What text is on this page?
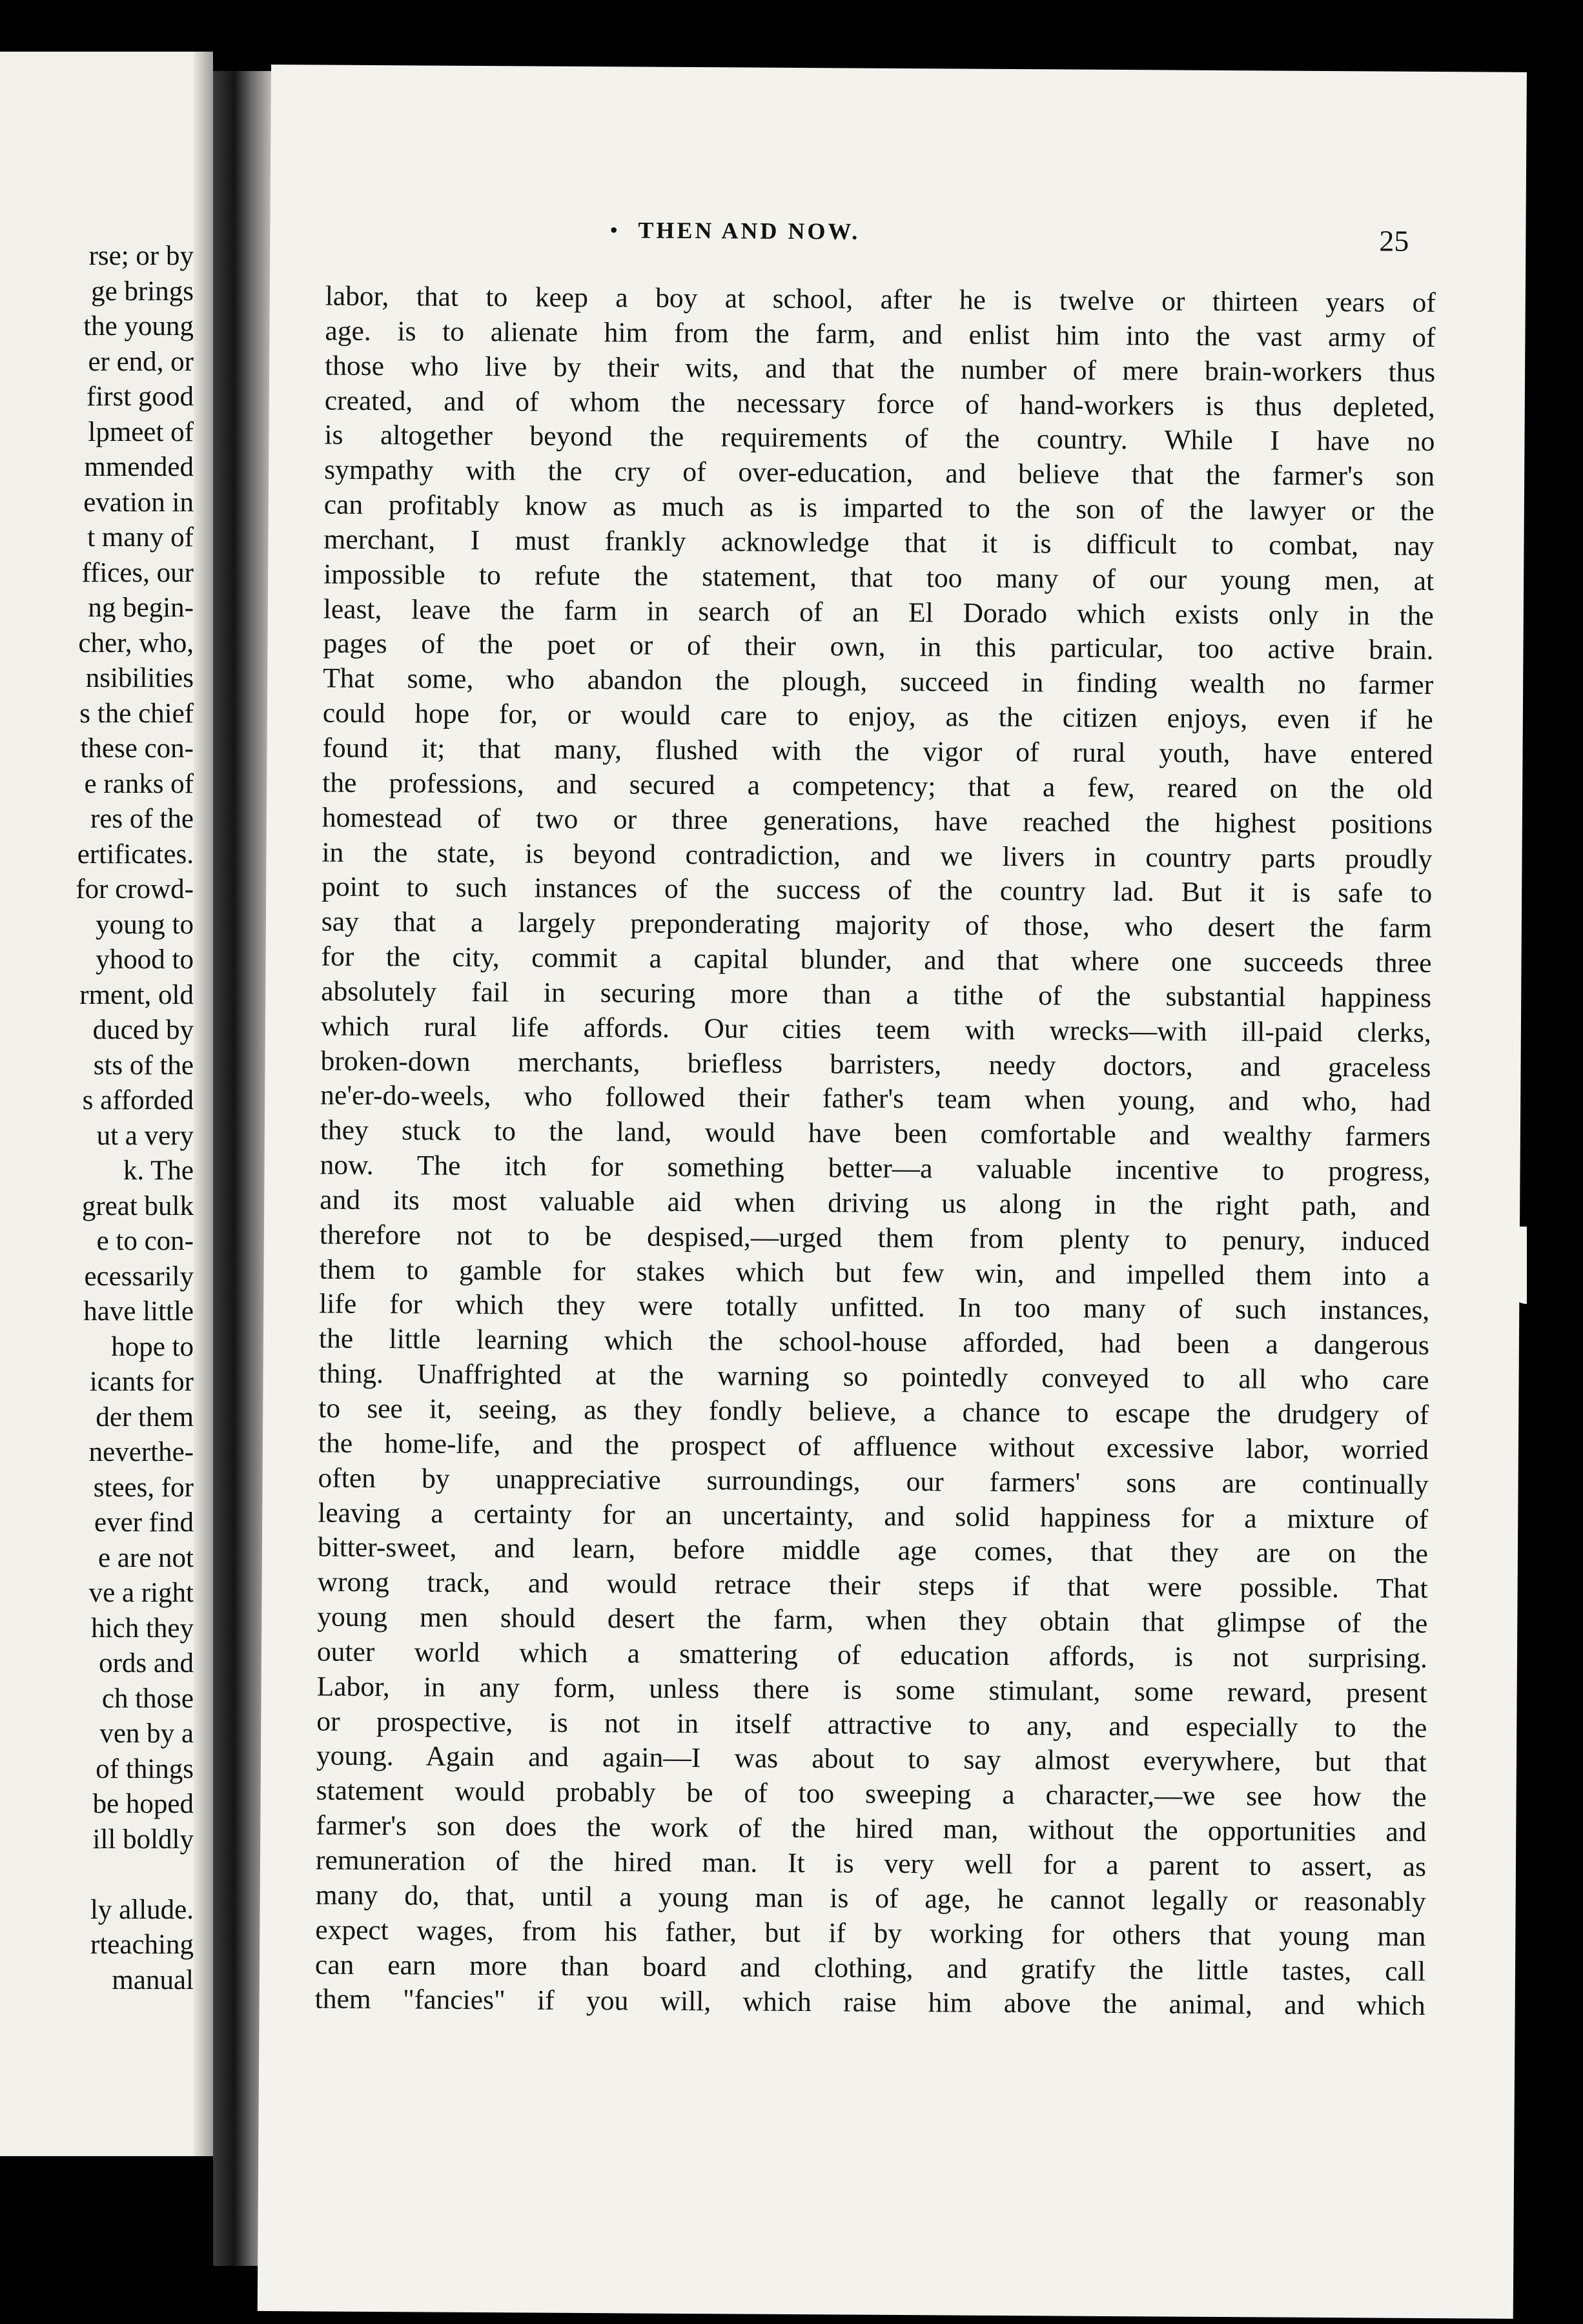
rse; or by
ge brings
the young
er end, or
first good
lpmeet of
mmended
evation in
t many of
ffices, our
ng begin-
cher, who,
nsibilities
s the chief
these con-
e ranks of
res of the
ertificates.
for crowd-
young to
yhood to
rment, old
duced by
sts of the
s afforded
ut a very
k. The
great bulk
e to con-
ecessarily
have little
hope to
icants for
der them
neverthe-
stees, for
ever find
e are not
ve a right
hich they
ords and
ch those
ven by a
of things
be hoped
ill boldly
ly allude.
rteaching
manual
• THEN AND NOW.	25
labor, that to keep a boy at school, after he is twelve or thirteen years of
age. is to alienate him from the farm, and enlist him into the vast army of
those who live by their wits, and that the number of mere brain-workers thus
created, and of whom the necessary force of hand-workers is thus depleted,
is altogether beyond the requirements of the country. While I have no
sympathy with the cry of over-education, and believe that the farmer's son
can profitably know as much as is imparted to the son of the lawyer or the
merchant, I must frankly acknowledge that it is difficult to combat, nay
impossible to refute the statement, that too many of our young men, at
least, leave the farm in search of an El Dorado which exists only in the
pages of the poet or of their own, in this particular, too active brain.
That some, who abandon the plough, succeed in finding wealth no farmer
could hope for, or would care to enjoy, as the citizen enjoys, even if he
found it; that many, flushed with the vigor of rural youth, have entered
the professions, and secured a competency; that a few, reared on the old
homestead of two or three generations, have reached the highest positions
in the state, is beyond contradiction, and we livers in country parts proudly
point to such instances of the success of the country lad. But it is safe to
say that a largely preponderating majority of those, who desert the farm
for the city, commit a capital blunder, and that where one succeeds three
absolutely fail in securing more than a tithe of the substantial happiness
which rural life affords. Our cities teem with wrecks—with ill-paid clerks,
broken-down merchants, briefless barristers, needy doctors, and graceless
ne'er-do-weels, who followed their father's team when young, and who, had
they stuck to the land, would have been comfortable and wealthy farmers
now. The itch for something better—a valuable incentive to progress,
and its most valuable aid when driving us along in the right path, and
therefore not to be despised,—urged them from plenty to penury, induced
them to gamble for stakes which but few win, and impelled them into a
life for which they were totally unfitted. In too many of such instances,
the little learning which the school-house afforded, had been a dangerous
thing. Unaffrighted at the warning so pointedly conveyed to all who care
to see it, seeing, as they fondly believe, a chance to escape the drudgery of
the home-life, and the prospect of affluence without excessive labor, worried
often by unappreciative surroundings, our farmers' sons are continually
leaving a certainty for an uncertainty, and solid happiness for a mixture of
bitter-sweet, and learn, before middle age comes, that they are on the
wrong track, and would retrace their steps if that were possible. That
young men should desert the farm, when they obtain that glimpse of the
outer world which a smattering of education affords, is not surprising.
Labor, in any form, unless there is some stimulant, some reward, present
or prospective, is not in itself attractive to any, and especially to the
young. Again and again—I was about to say almost everywhere, but that
statement would probably be of too sweeping a character,—we see how the
farmer's son does the work of the hired man, without the opportunities and
remuneration of the hired man. It is very well for a parent to assert, as
many do, that, until a young man is of age, he cannot legally or reasonably
expect wages, from his father, but if by working for others that young man
can earn more than board and clothing, and gratify the little tastes, call
them "fancies" if you will, which raise him above the animal, and which
